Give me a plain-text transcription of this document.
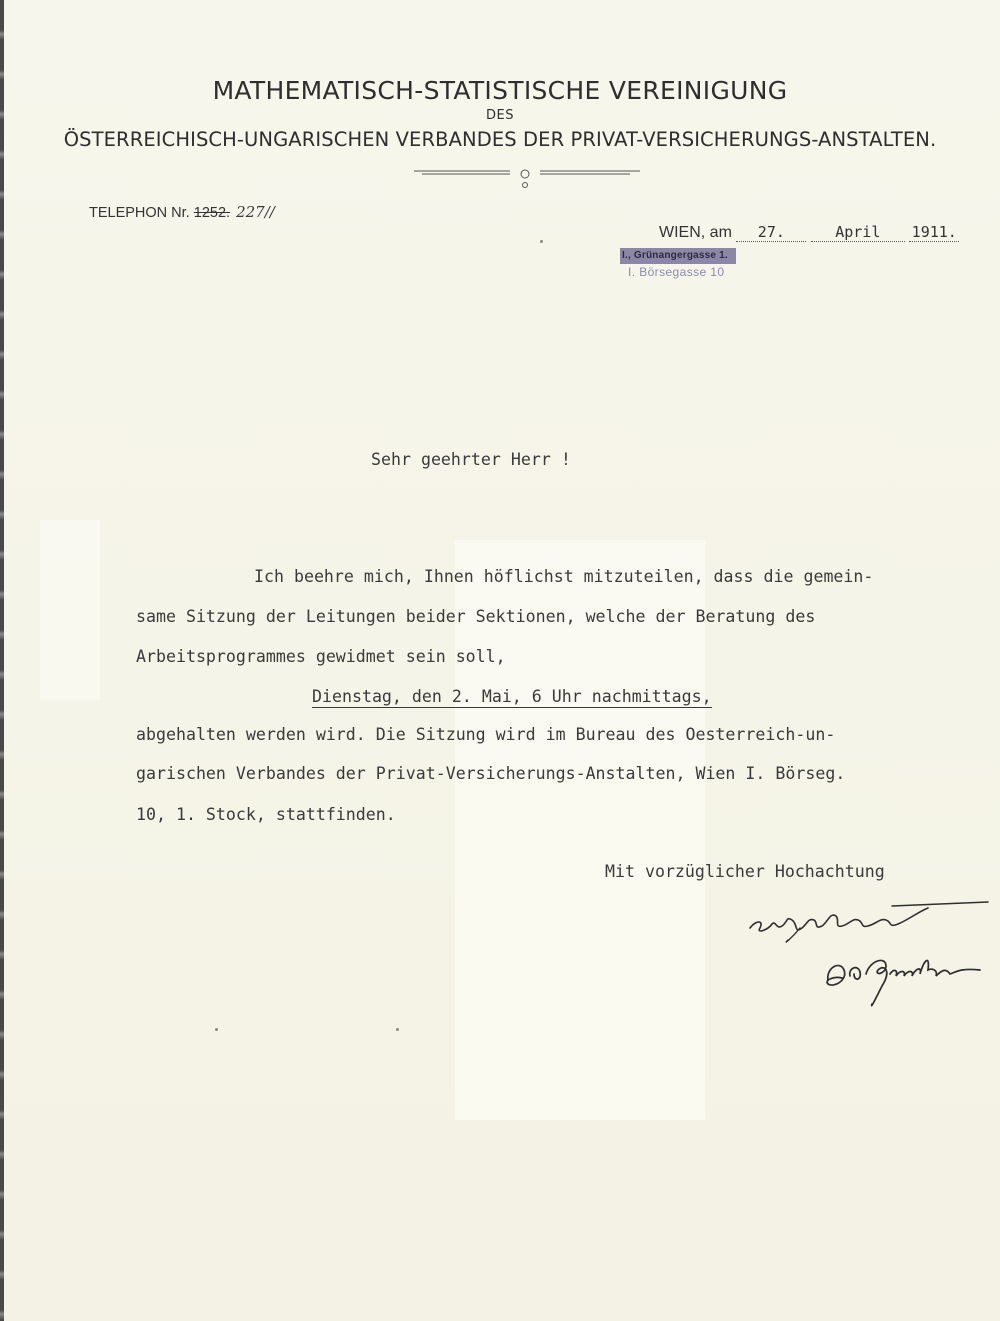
MATHEMATISCH-STATISTISCHE VEREINIGUNG
DES
ÖSTERREICHISCH-UNGARISCHEN VERBANDES DER PRIVAT-VERSICHERUNGS-ANSTALTEN.
TELEPHON Nr. 1252. 227//
WIEN, am 27.	April 1911.
I., Grünangergasse 1.
I. Börsegasse 10
Sehr geehrter Herr !
Ich beehre mich, Ihnen höflichst mitzuteilen, dass die gemein-
same Sitzung der Leitungen beider Sektionen, welche der Beratung des
Arbeitsprogrammes gewidmet sein soll,
Dienstag, den 2. Mai, 6 Uhr nachmittags,
abgehalten werden wird. Die Sitzung wird im Bureau des Oesterreich-un-
garischen Verbandes der Privat-Versicherungs-Anstalten, Wien I. Börseg.
10, 1. Stock, stattfinden.
Mit vorzüglicher Hochachtung
